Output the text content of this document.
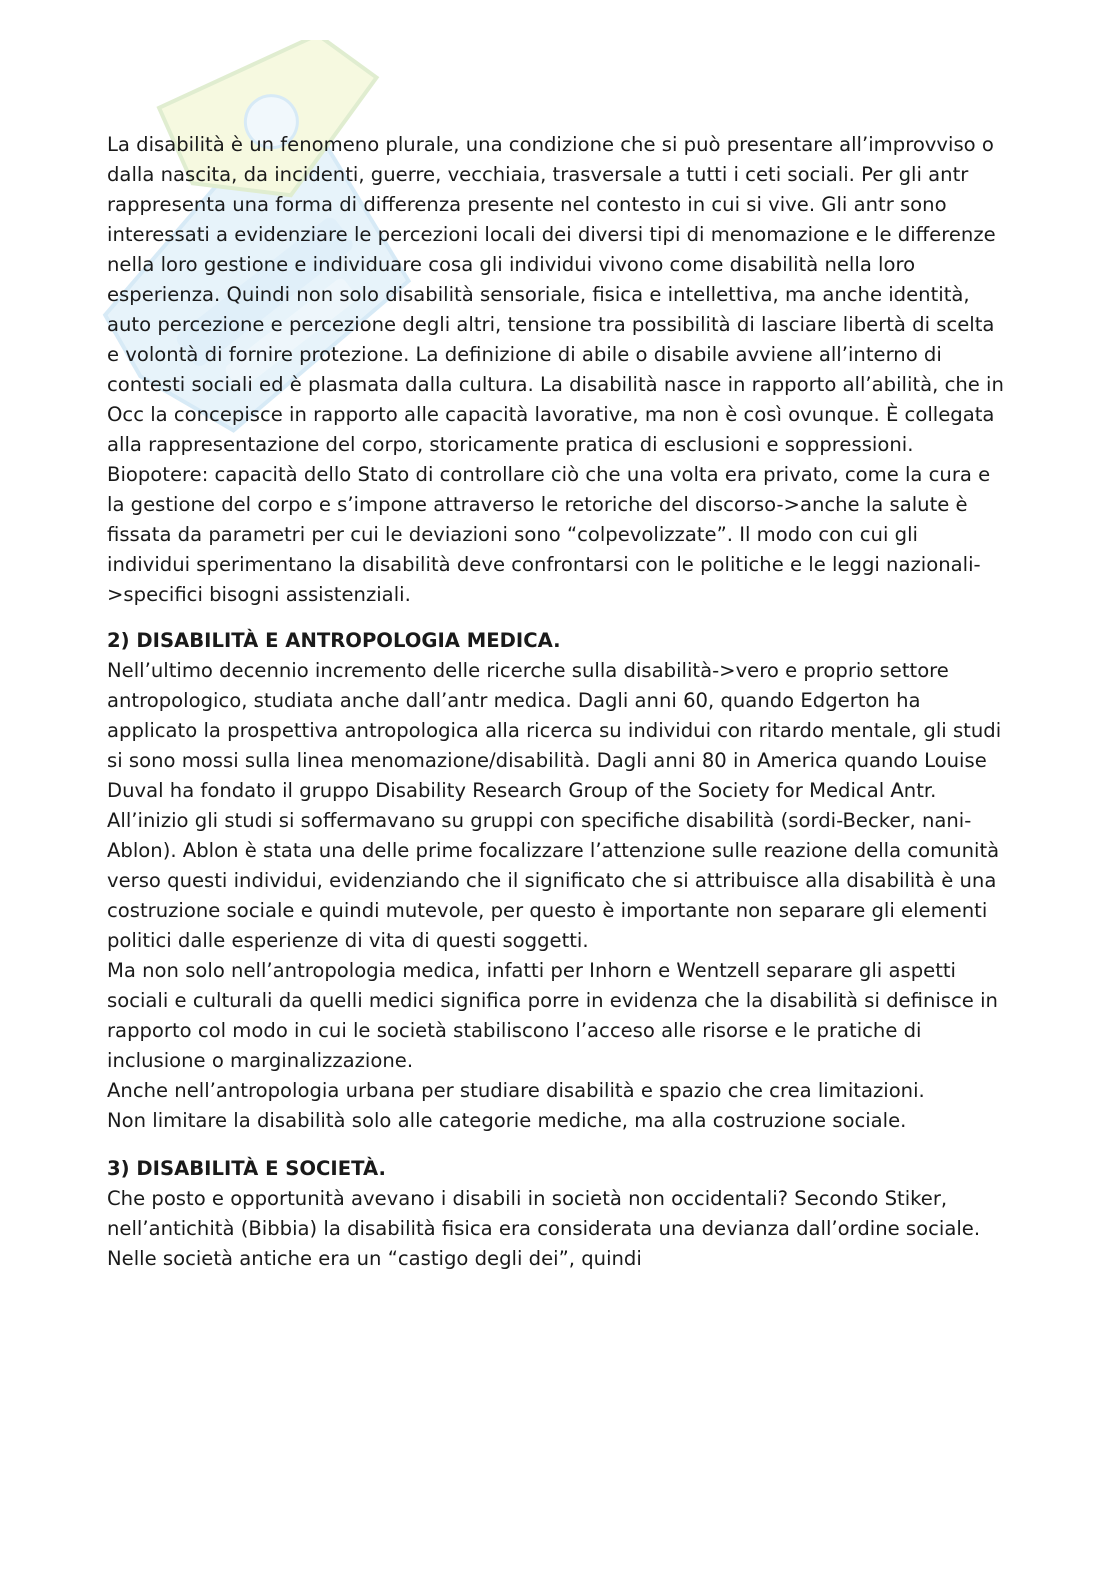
La disabilità è un fenomeno plurale, una condizione che si può presentare all’improvviso o dalla nascita, da incidenti, guerre, vecchiaia, trasversale a tutti i ceti sociali. Per gli antr rappresenta una forma di differenza presente nel contesto in cui si vive. Gli antr sono interessati a evidenziare le percezioni locali dei diversi tipi di menomazione e le differenze nella loro gestione e individuare cosa gli individui vivono come disabilità nella loro esperienza. Quindi non solo disabilità sensoriale, fisica e intellettiva, ma anche identità, auto percezione e percezione degli altri, tensione tra possibilità di lasciare libertà di scelta e volontà di fornire protezione. La definizione di abile o disabile avviene all’interno di contesti sociali ed è plasmata dalla cultura. La disabilità nasce in rapporto all’abilità, che in Occ la concepisce in rapporto alle capacità lavorative, ma non è così ovunque. È collegata alla rappresentazione del corpo, storicamente pratica di esclusioni e soppressioni. Biopotere: capacità dello Stato di controllare ciò che una volta era privato, come la cura e la gestione del corpo e s’impone attraverso le retoriche del discorso->anche la salute è fissata da parametri per cui le deviazioni sono “colpevolizzate”. Il modo con cui gli individui sperimentano la disabilità deve confrontarsi con le politiche e le leggi nazionali->specifici bisogni assistenziali.

2) DISABILITÀ E ANTROPOLOGIA MEDICA.

Nell’ultimo decennio incremento delle ricerche sulla disabilità->vero e proprio settore antropologico, studiata anche dall’antr medica. Dagli anni 60, quando Edgerton ha applicato la prospettiva antropologica alla ricerca su individui con ritardo mentale, gli studi si sono mossi sulla linea menomazione/disabilità. Dagli anni 80 in America quando Louise Duval ha fondato il gruppo Disability Research Group of the Society for Medical Antr. All’inizio gli studi si soffermavano su gruppi con specifiche disabilità (sordi-Becker, nani-Ablon). Ablon è stata una delle prime focalizzare l’attenzione sulle reazione della comunità verso questi individui, evidenziando che il significato che si attribuisce alla disabilità è una costruzione sociale e quindi mutevole, per questo è importante non separare gli elementi politici dalle esperienze di vita di questi soggetti.

Ma non solo nell’antropologia medica, infatti per Inhorn e Wentzell separare gli aspetti sociali e culturali da quelli medici significa porre in evidenza che la disabilità si definisce in rapporto col modo in cui le società stabiliscono l’acceso alle risorse e le pratiche di inclusione o marginalizzazione.

Anche nell’antropologia urbana per studiare disabilità e spazio che crea limitazioni.

Non limitare la disabilità solo alle categorie mediche, ma alla costruzione sociale.

3) DISABILITÀ E SOCIETÀ.

Che posto e opportunità avevano i disabili in società non occidentali? Secondo Stiker, nell’antichità (Bibbia) la disabilità fisica era considerata una devianza dall’ordine sociale. Nelle società antiche era un “castigo degli dei”, quindi
